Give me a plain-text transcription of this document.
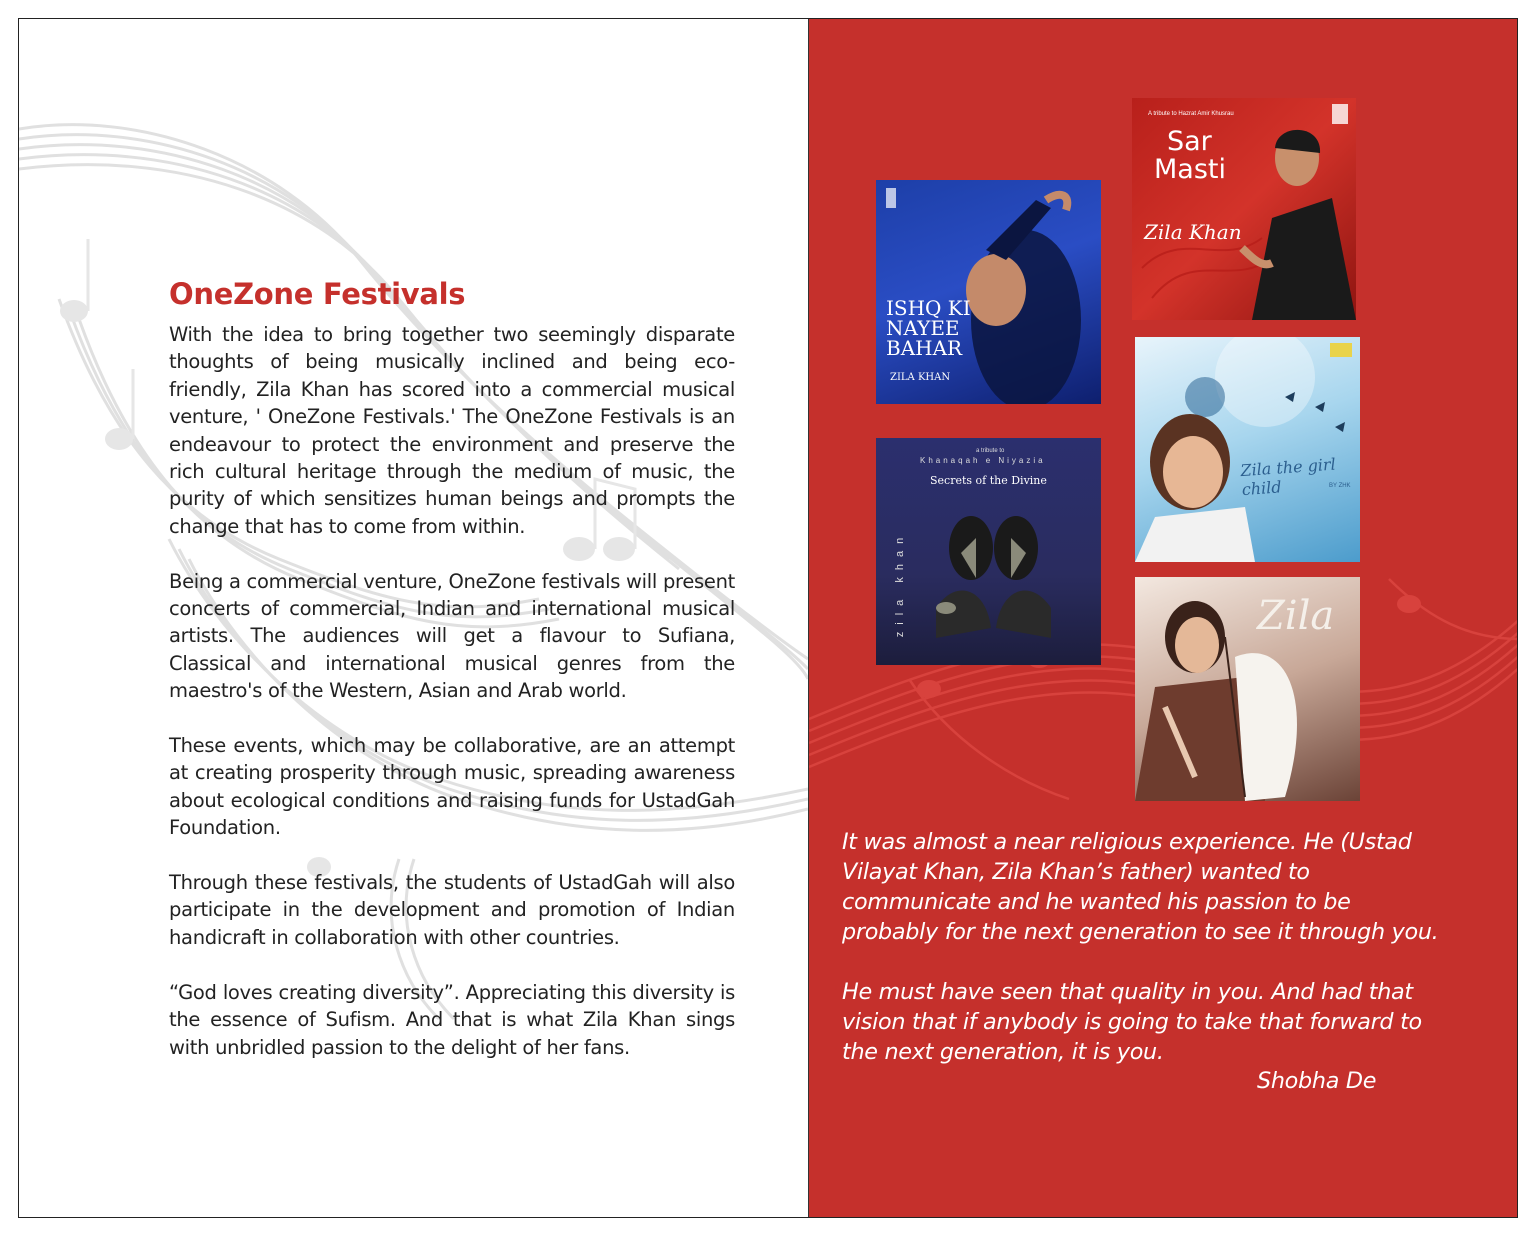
OneZone Festivals

With the idea to bring together two seemingly disparate thoughts of being musically inclined and being eco-friendly, Zila Khan has scored into a commercial musical venture, ' OneZone Festivals.' The OneZone Festivals is an endeavour to protect the environment and preserve the rich cultural heritage through the medium of music, the purity of which sensitizes human beings and prompts the change that has to come from within.

Being a commercial venture, OneZone festivals will present concerts of commercial, Indian and international musical artists. The audiences will get a flavour to Sufiana, Classical and international musical genres from the maestro's of the Western, Asian and Arab world.

These events, which may be collaborative, are an attempt at creating prosperity through music, spreading awareness about ecological conditions and raising funds for UstadGah Foundation.

Through these festivals, the students of UstadGah will also participate in the development and promotion of Indian handicraft in collaboration with other countries.

“God loves creating diversity”. Appreciating this diversity is the essence of Sufism. And that is what Zila Khan sings with unbridled passion to the delight of her fans.

ISHQ KI
NAYEE
BAHAR
ZILA KHAN
A tribute to Hazrat Amir Khusrau
Sar
Masti
Zila Khan
a tribute to
Khanaqah e Niyazia
Secrets of the Divine
zila khan
Zila the girl child	BY ZHK
Zila

It was almost a near religious experience. He (Ustad Vilayat Khan, Zila Khan’s father) wanted to communicate and he wanted his passion to be probably for the next generation to see it through you.

He must have seen that quality in you. And had that vision that if anybody is going to take that forward to the next generation, it is you.

Shobha De
